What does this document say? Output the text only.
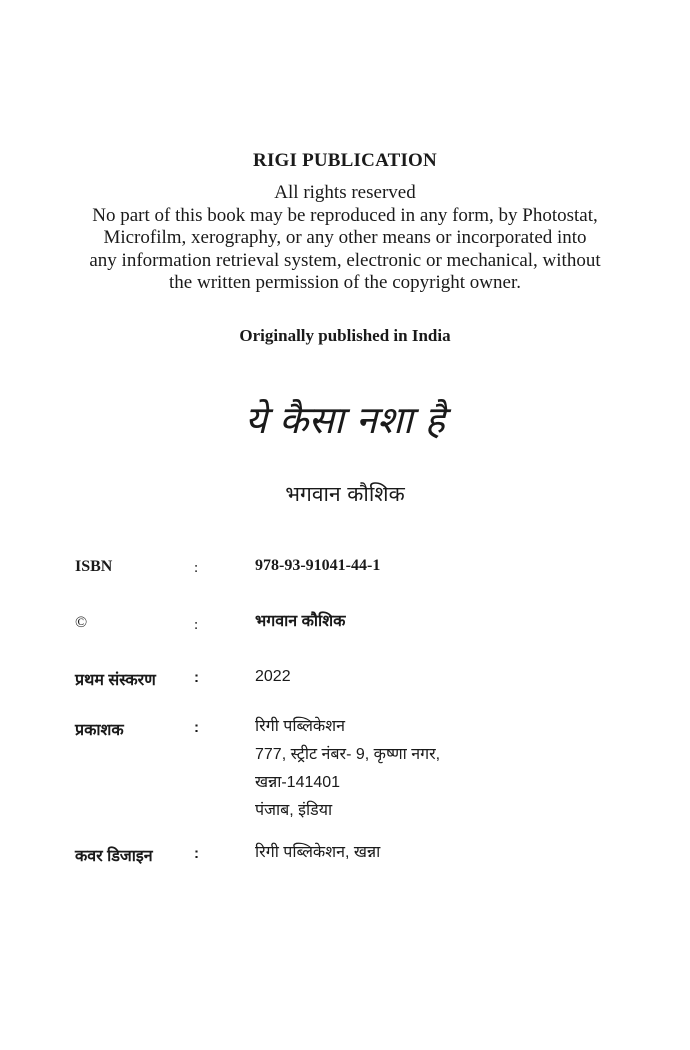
RIGI PUBLICATION
All rights reserved
No part of this book may be reproduced in any form, by Photostat,
Microfilm, xerography, or any other means or incorporated into
any information retrieval system, electronic or mechanical, without
the written permission of the copyright owner.
Originally published in India
ये कैसा नशा है
भगवान कौशिक
ISBN	:	978-93-91041-44-1
©	:	भगवान कौशिक
प्रथम संस्करण	:	2022
प्रकाशक	:	रिगी पब्लिकेशन
777, स्ट्रीट नंबर- 9, कृष्णा नगर,
खन्ना-141401
पंजाब, इंडिया
कवर डिजाइन	:	रिगी पब्लिकेशन, खन्ना
